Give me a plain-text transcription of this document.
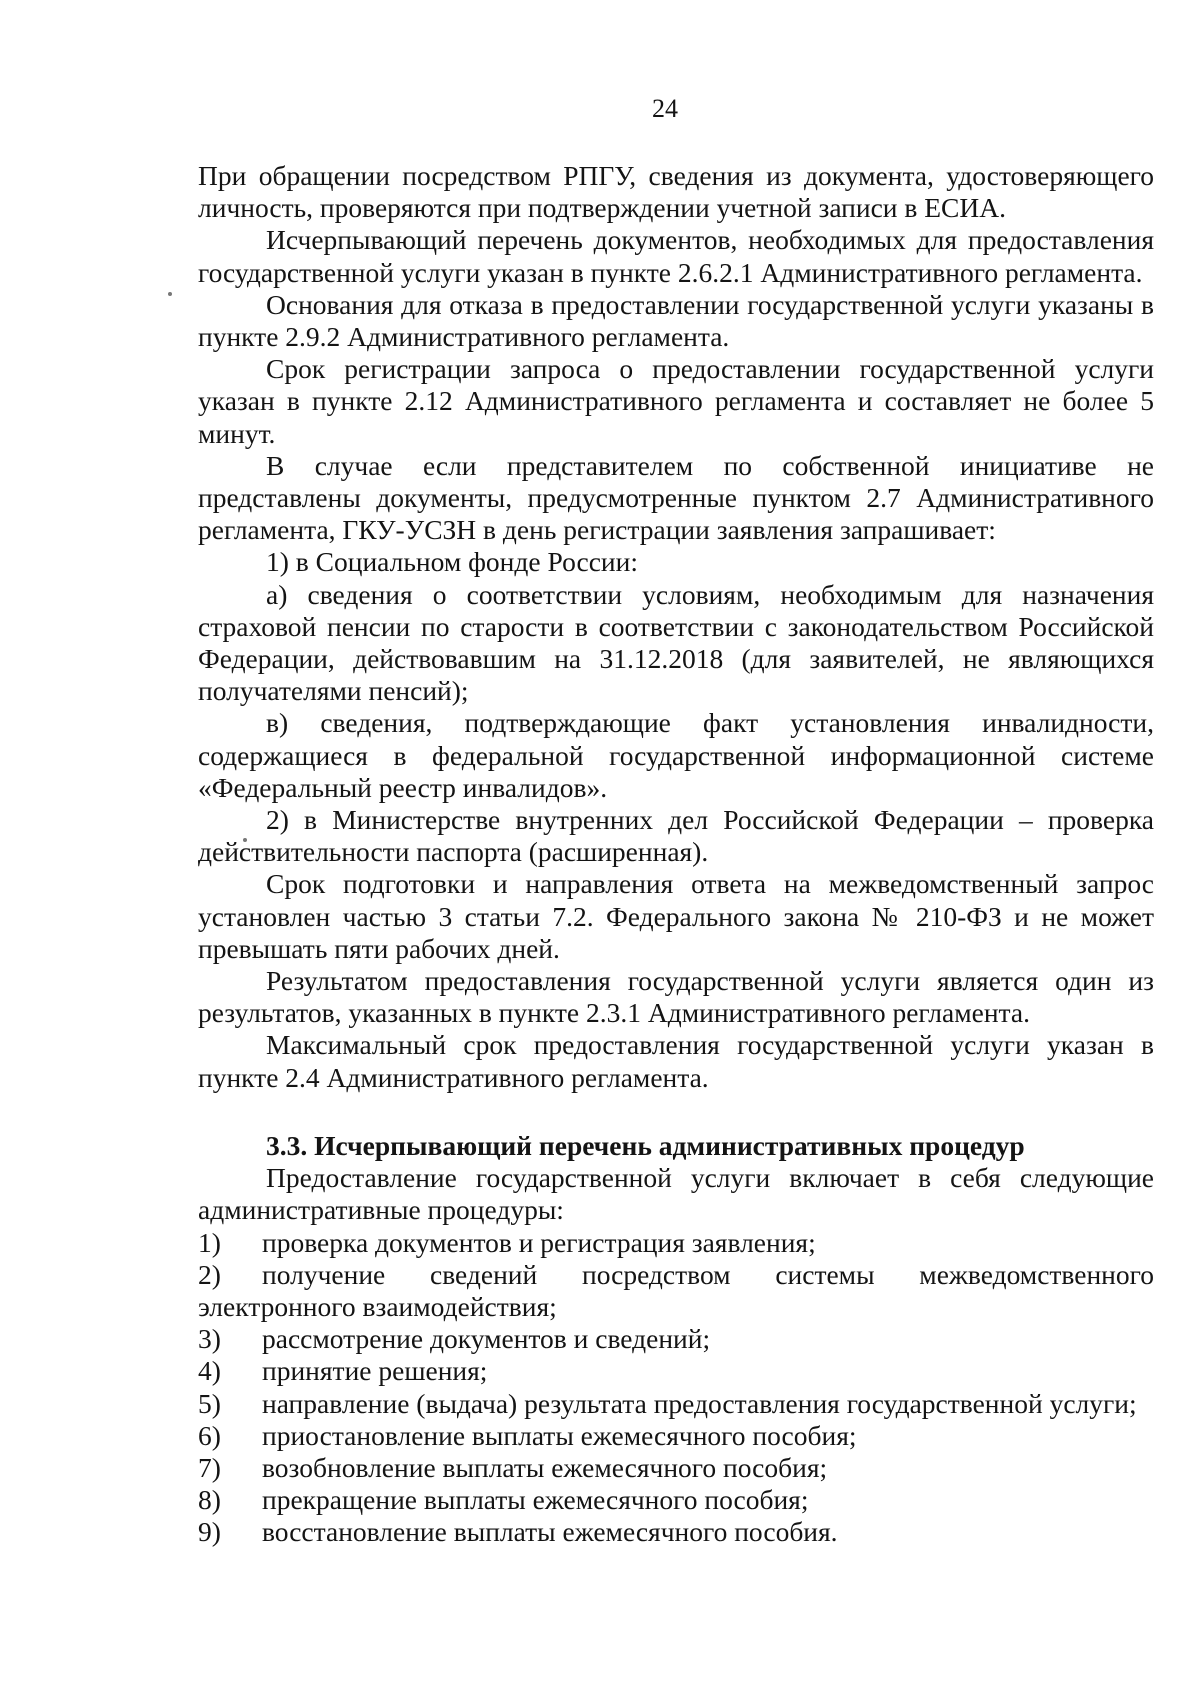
24

При обращении посредством РПГУ, сведения из документа, удостоверяющего личность, проверяются при подтверждении учетной записи в ЕСИА.

Исчерпывающий перечень документов, необходимых для предоставления государственной услуги указан в пункте 2.6.2.1 Административного регламента.

Основания для отказа в предоставлении государственной услуги указаны в пункте 2.9.2 Административного регламента.

Срок регистрации запроса о предоставлении государственной услуги указан в пункте 2.12 Административного регламента и составляет не более 5 минут.

В случае если представителем по собственной инициативе не представлены документы, предусмотренные пунктом 2.7 Административного регламента, ГКУ-УСЗН в день регистрации заявления запрашивает:

1) в Социальном фонде России:

а) сведения о соответствии условиям, необходимым для назначения страховой пенсии по старости в соответствии с законодательством Российской Федерации, действовавшим на 31.12.2018 (для заявителей, не являющихся получателями пенсий);

в) сведения, подтверждающие факт установления инвалидности, содержащиеся в федеральной государственной информационной системе «Федеральный реестр инвалидов».

2) в Министерстве внутренних дел Российской Федерации – проверка действительности паспорта (расширенная).

Срок подготовки и направления ответа на межведомственный запрос установлен частью 3 статьи 7.2. Федерального закона № 210-ФЗ и не может превышать пяти рабочих дней.

Результатом предоставления государственной услуги является один из результатов, указанных в пункте 2.3.1 Административного регламента.

Максимальный срок предоставления государственной услуги указан в пункте 2.4 Административного регламента.

3.3. Исчерпывающий перечень административных процедур

Предоставление государственной услуги включает в себя следующие административные процедуры:

1) проверка документов и регистрация заявления;
2) получение сведений посредством системы межведомственного электронного взаимодействия;
3) рассмотрение документов и сведений;
4) принятие решения;
5) направление (выдача) результата предоставления государственной услуги;
6) приостановление выплаты ежемесячного пособия;
7) возобновление выплаты ежемесячного пособия;
8) прекращение выплаты ежемесячного пособия;
9) восстановление выплаты ежемесячного пособия.
